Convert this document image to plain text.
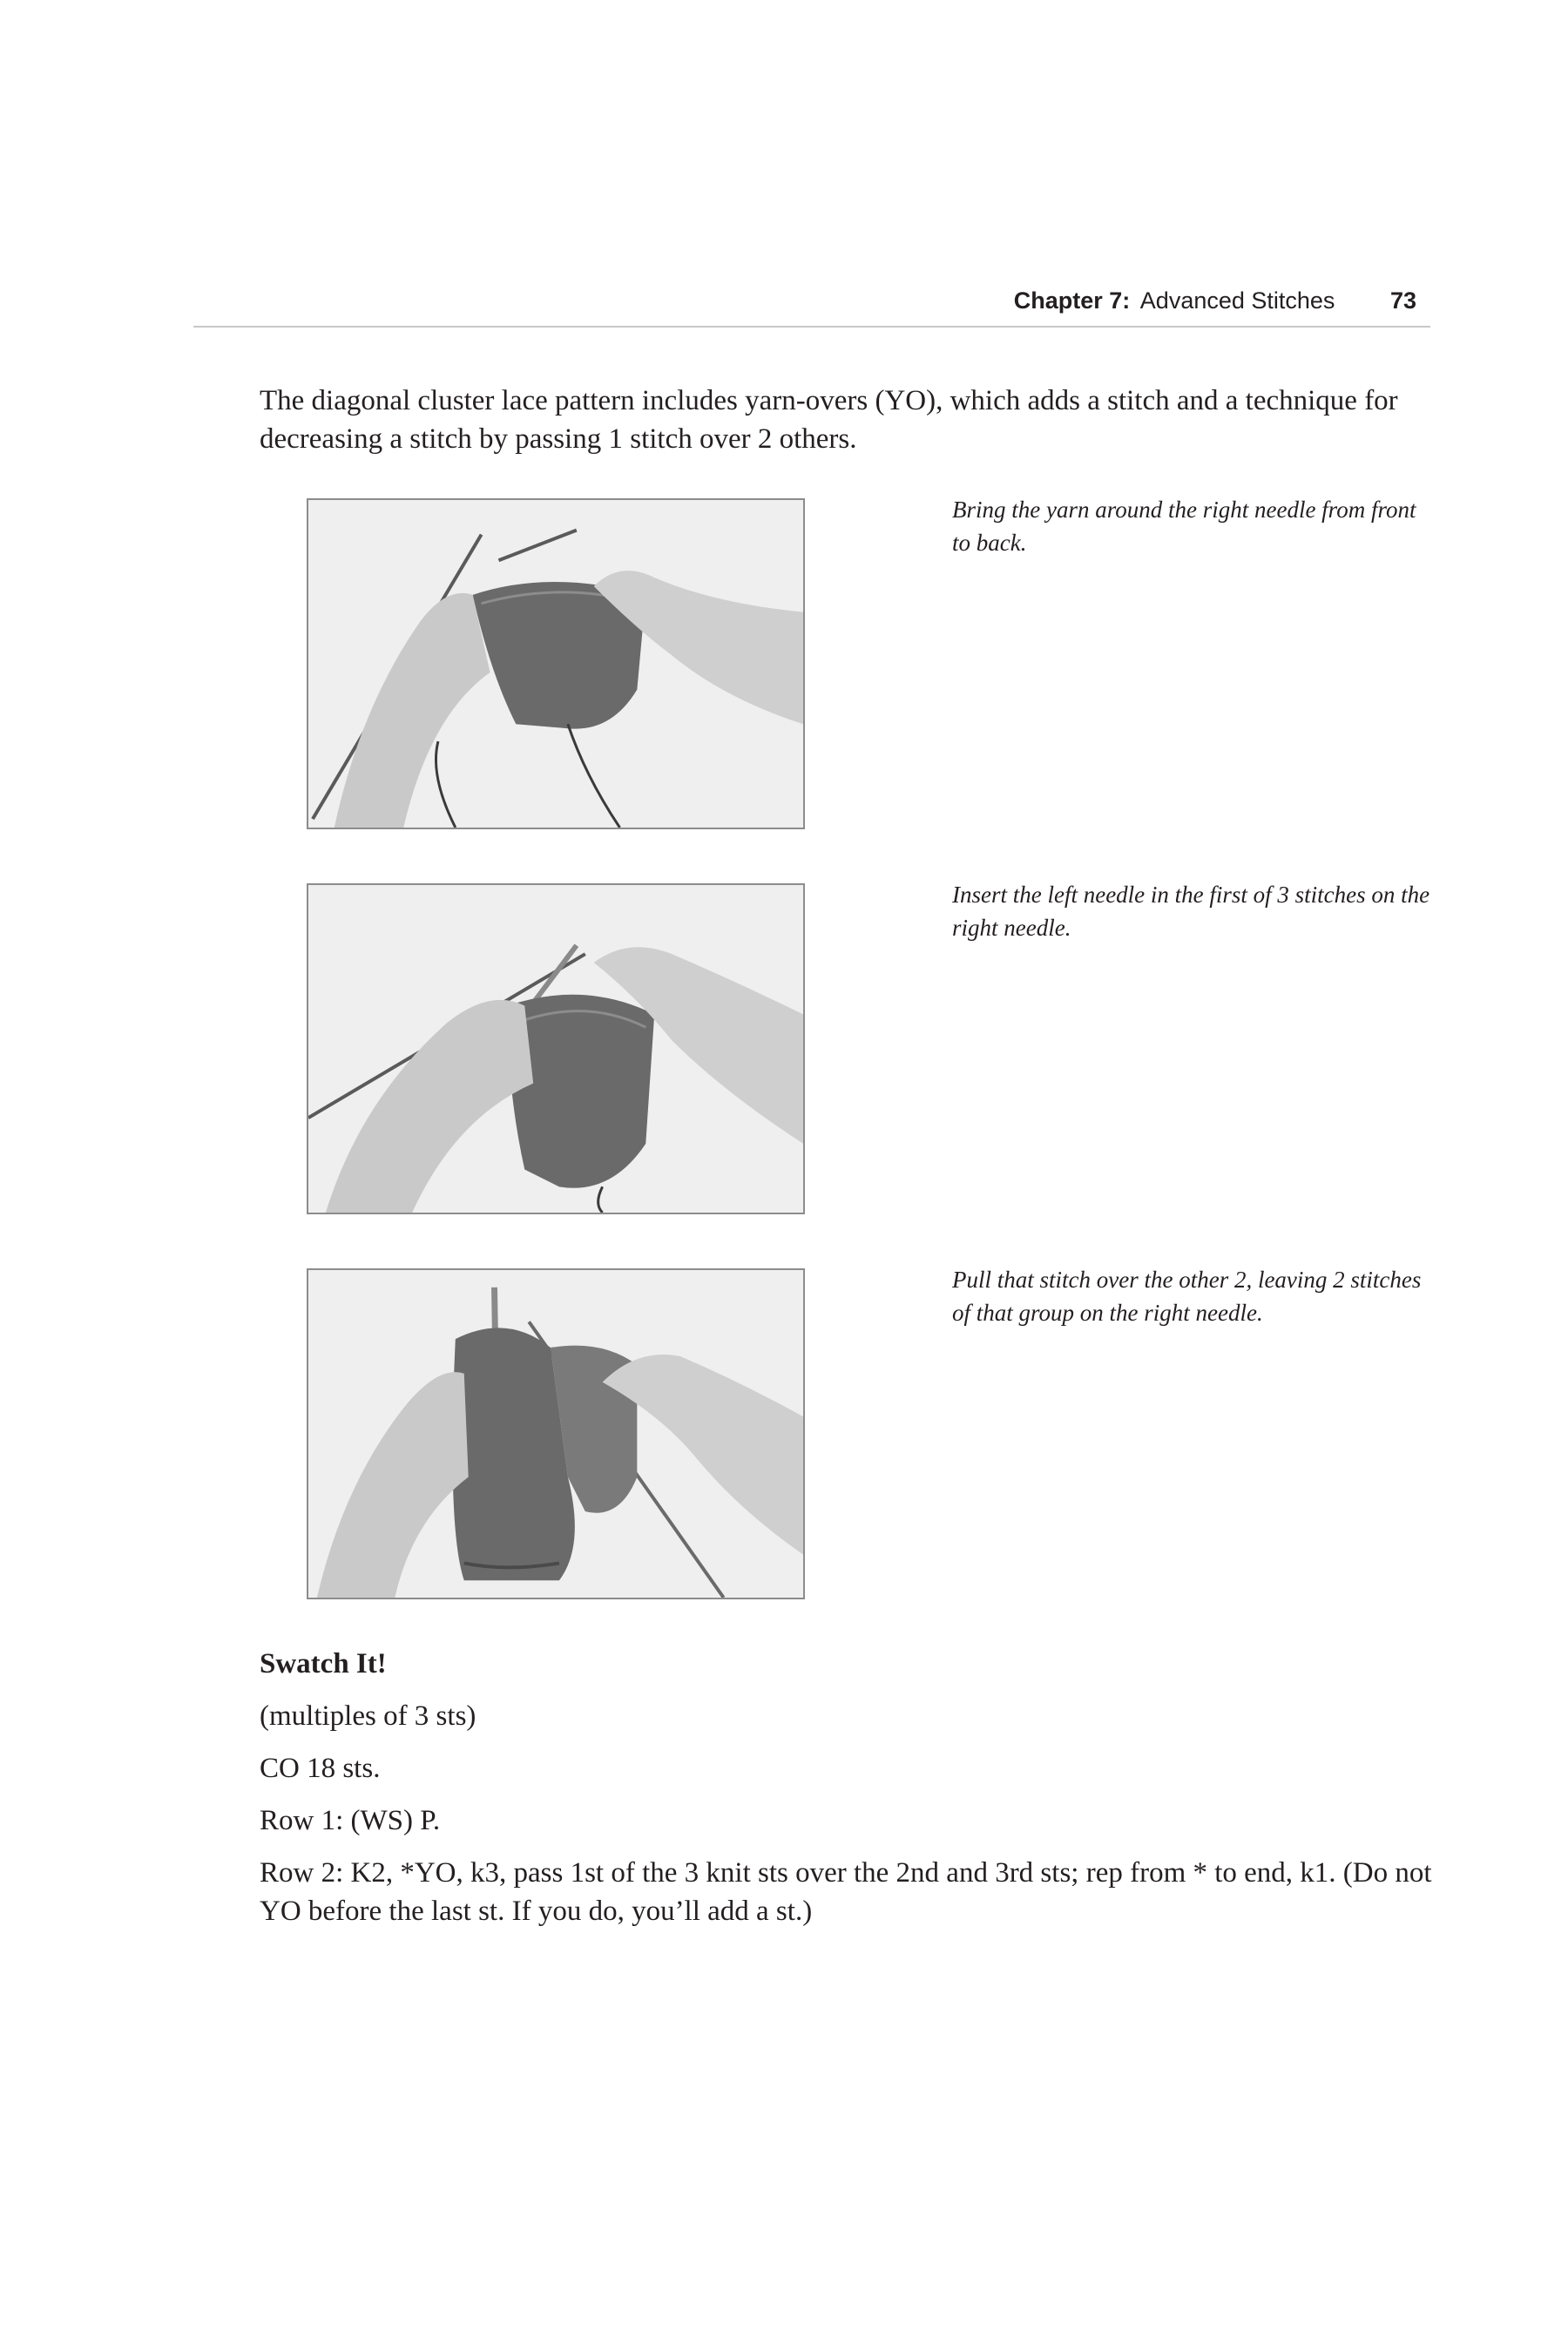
Chapter 7: Advanced Stitches 73

The diagonal cluster lace pattern includes yarn-overs (YO), which adds a stitch and a technique for decreasing a stitch by passing 1 stitch over 2 others.

Bring the yarn around the right needle from front to back.

Insert the left needle in the first of 3 stitches on the right needle.

Pull that stitch over the other 2, leaving 2 stitches of that group on the right needle.

Swatch It!

(multiples of 3 sts)

CO 18 sts.

Row 1: (WS) P.

Row 2: K2, *YO, k3, pass 1st of the 3 knit sts over the 2nd and 3rd sts; rep from * to end, k1. (Do not YO before the last st. If you do, you’ll add a st.)
